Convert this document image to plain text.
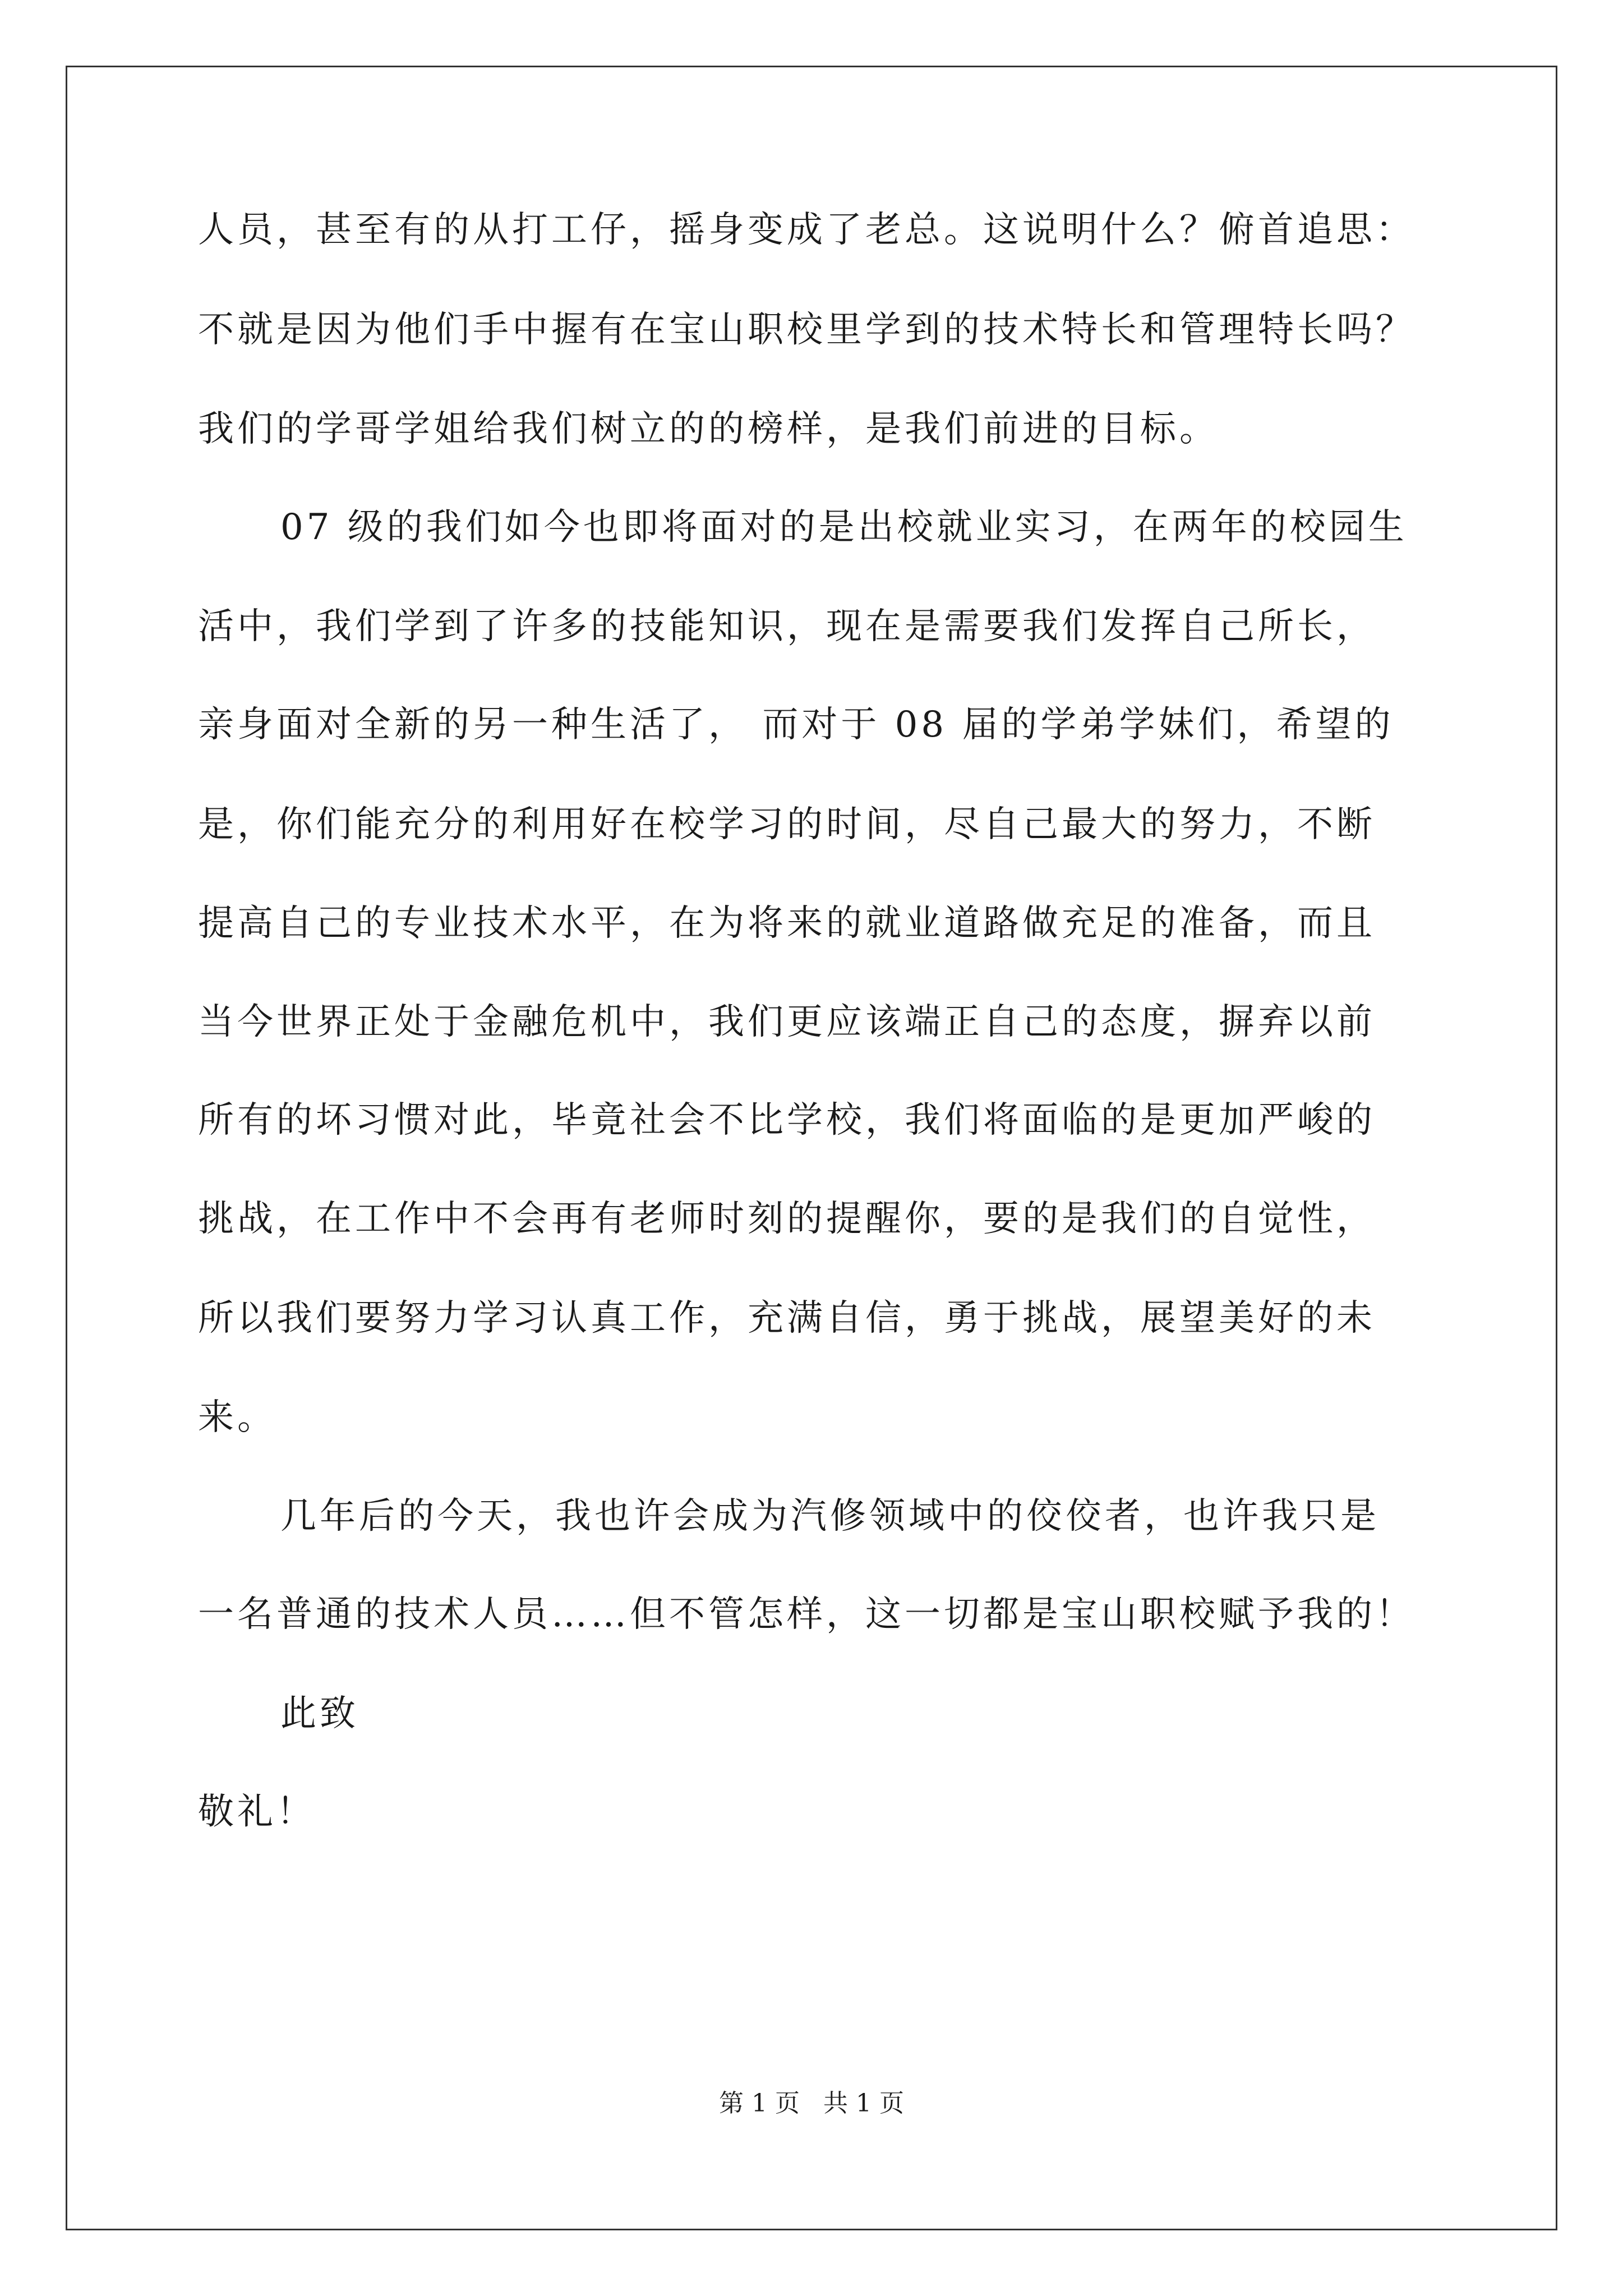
人员，甚至有的从打工仔，摇身变成了老总。这说明什么？俯首追思：
不就是因为他们手中握有在宝山职校里学到的技术特长和管理特长吗？
我们的学哥学姐给我们树立的的榜样，是我们前进的目标。
07 级的我们如今也即将面对的是出校就业实习，在两年的校园生
活中，我们学到了许多的技能知识，现在是需要我们发挥自己所长，
亲身面对全新的另一种生活了， 而对于 08 届的学弟学妹们，希望的
是，你们能充分的利用好在校学习的时间，尽自己最大的努力，不断
提高自己的专业技术水平，在为将来的就业道路做充足的准备，而且
当今世界正处于金融危机中，我们更应该端正自己的态度，摒弃以前
所有的坏习惯对此，毕竟社会不比学校，我们将面临的是更加严峻的
挑战，在工作中不会再有老师时刻的提醒你，要的是我们的自觉性，
所以我们要努力学习认真工作，充满自信，勇于挑战，展望美好的未
来。
几年后的今天，我也许会成为汽修领域中的佼佼者，也许我只是
一名普通的技术人员……但不管怎样，这一切都是宝山职校赋予我的！
此致
敬礼！
第 1 页   共 1 页
